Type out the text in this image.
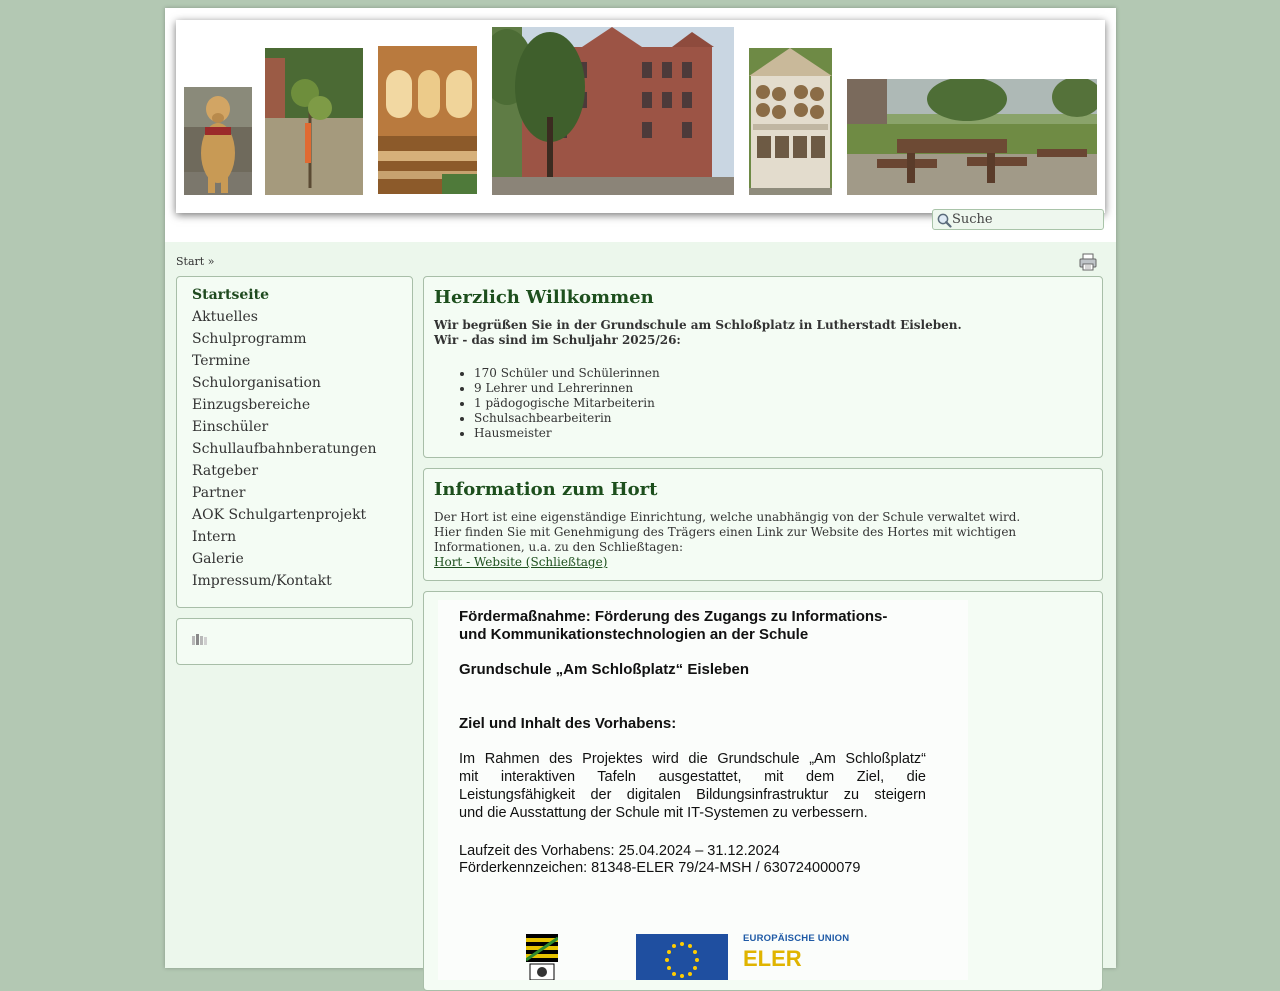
Suche
Start »
Startseite
Aktuelles
Schulprogramm
Termine
Schulorganisation
Einzugsbereiche
Einschüler
Schullaufbahnberatungen
Ratgeber
Partner
AOK Schulgartenprojekt
Intern
Galerie
Impressum/Kontakt
Herzlich Willkommen
Wir begrüßen Sie in der Grundschule am Schloßplatz in Lutherstadt Eisleben.
Wir - das sind im Schuljahr 2025/26:
• 170 Schüler und Schülerinnen
• 9 Lehrer und Lehrerinnen
• 1 pädogogische Mitarbeiterin
• Schulsachbearbeiterin
• Hausmeister
Information zum Hort
Der Hort ist eine eigenständige Einrichtung, welche unabhängig von der Schule verwaltet wird.
Hier finden Sie mit Genehmigung des Trägers einen Link zur Website des Hortes mit wichtigen Informationen, u.a. zu den Schließtagen:
Hort - Website (Schließtage)
Fördermaßnahme: Förderung des Zugangs zu Informations-
und Kommunikationstechnologien an der Schule
Grundschule „Am Schloßplatz“ Eisleben
Ziel und Inhalt des Vorhabens:
Im Rahmen des Projektes wird die Grundschule „Am Schloßplatz“
mit interaktiven Tafeln ausgestattet, mit dem Ziel, die
Leistungsfähigkeit der digitalen Bildungsinfrastruktur zu steigern
und die Ausstattung der Schule mit IT-Systemen zu verbessern.
Laufzeit des Vorhabens: 25.04.2024 – 31.12.2024
Förderkennzeichen: 81348-ELER 79/24-MSH / 630724000079
EUROPÄISCHE UNION
ELER
